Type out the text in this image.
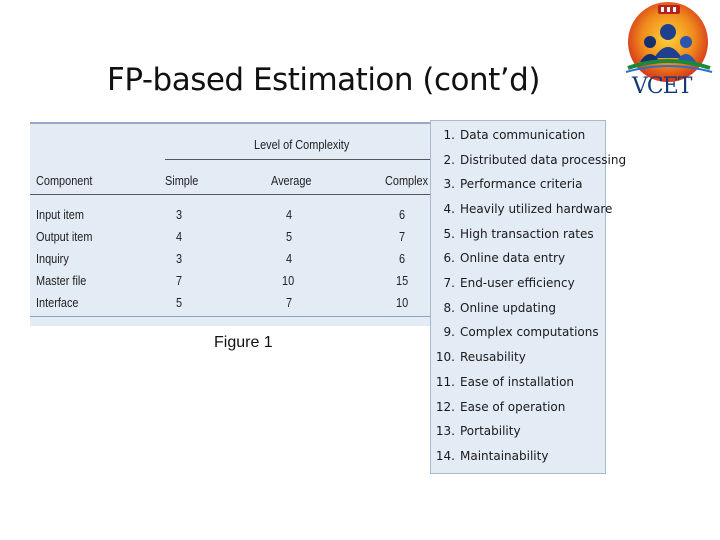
FP-based Estimation (cont’d)	VCET
Level of Complexity
Component	Simple	Average	Complex
Input item	3	4	6
Output item	4	5	7
Inquiry	3	4	6
Master file	7	10	15
Interface	5	7	10
Figure 1
1. Data communication
2. Distributed data processing
3. Performance criteria
4. Heavily utilized hardware
5. High transaction rates
6. Online data entry
7. End-user efficiency
8. Online updating
9. Complex computations
10. Reusability
11. Ease of installation
12. Ease of operation
13. Portability
14. Maintainability
